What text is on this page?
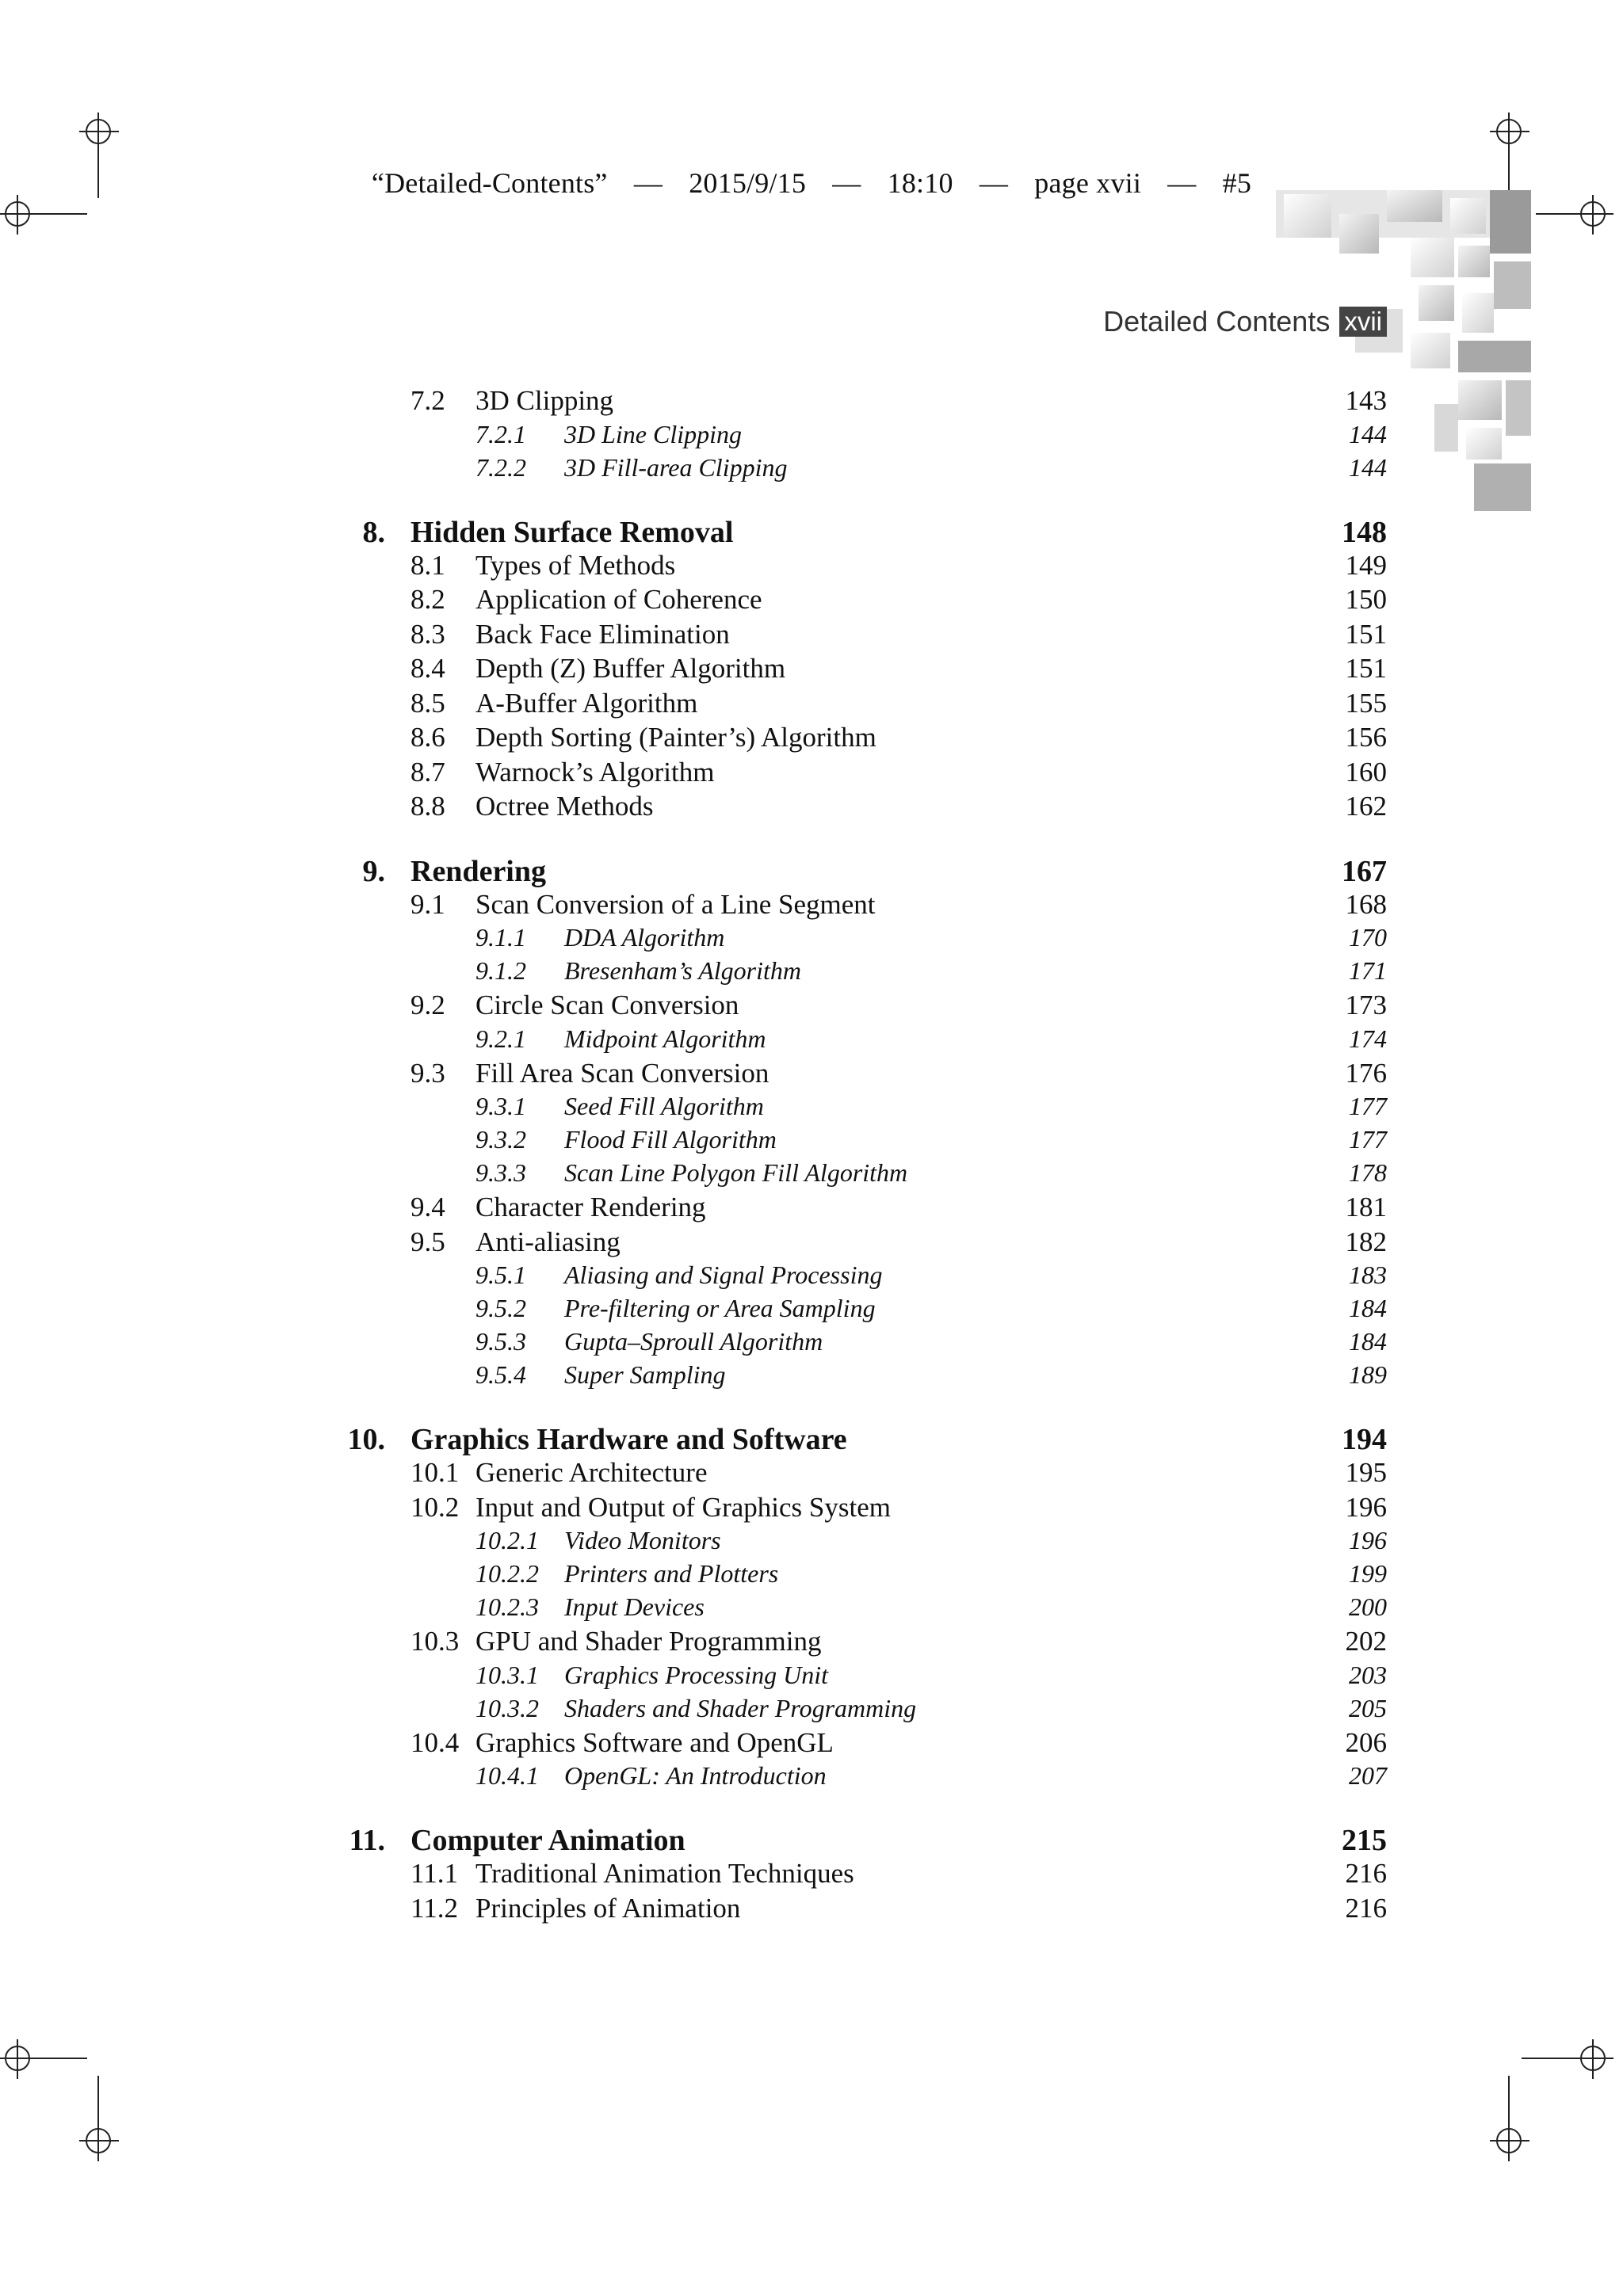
“Detailed-Contents” — 2015/9/15 — 18:10 — page xvii — #5
Detailed Contents xvii
7.2 3D Clipping	143
7.2.1 3D Line Clipping	144
7.2.2 3D Fill-area Clipping	144
8. Hidden Surface Removal	148
8.1 Types of Methods	149
8.2 Application of Coherence	150
8.3 Back Face Elimination	151
8.4 Depth (Z) Buffer Algorithm	151
8.5 A-Buffer Algorithm	155
8.6 Depth Sorting (Painter’s) Algorithm	156
8.7 Warnock’s Algorithm	160
8.8 Octree Methods	162
9. Rendering	167
9.1 Scan Conversion of a Line Segment	168
9.1.1 DDA Algorithm	170
9.1.2 Bresenham’s Algorithm	171
9.2 Circle Scan Conversion	173
9.2.1 Midpoint Algorithm	174
9.3 Fill Area Scan Conversion	176
9.3.1 Seed Fill Algorithm	177
9.3.2 Flood Fill Algorithm	177
9.3.3 Scan Line Polygon Fill Algorithm	178
9.4 Character Rendering	181
9.5 Anti-aliasing	182
9.5.1 Aliasing and Signal Processing	183
9.5.2 Pre-filtering or Area Sampling	184
9.5.3 Gupta–Sproull Algorithm	184
9.5.4 Super Sampling	189
10. Graphics Hardware and Software	194
10.1 Generic Architecture	195
10.2 Input and Output of Graphics System	196
10.2.1 Video Monitors	196
10.2.2 Printers and Plotters	199
10.2.3 Input Devices	200
10.3 GPU and Shader Programming	202
10.3.1 Graphics Processing Unit	203
10.3.2 Shaders and Shader Programming	205
10.4 Graphics Software and OpenGL	206
10.4.1 OpenGL: An Introduction	207
11. Computer Animation	215
11.1 Traditional Animation Techniques	216
11.2 Principles of Animation	216
